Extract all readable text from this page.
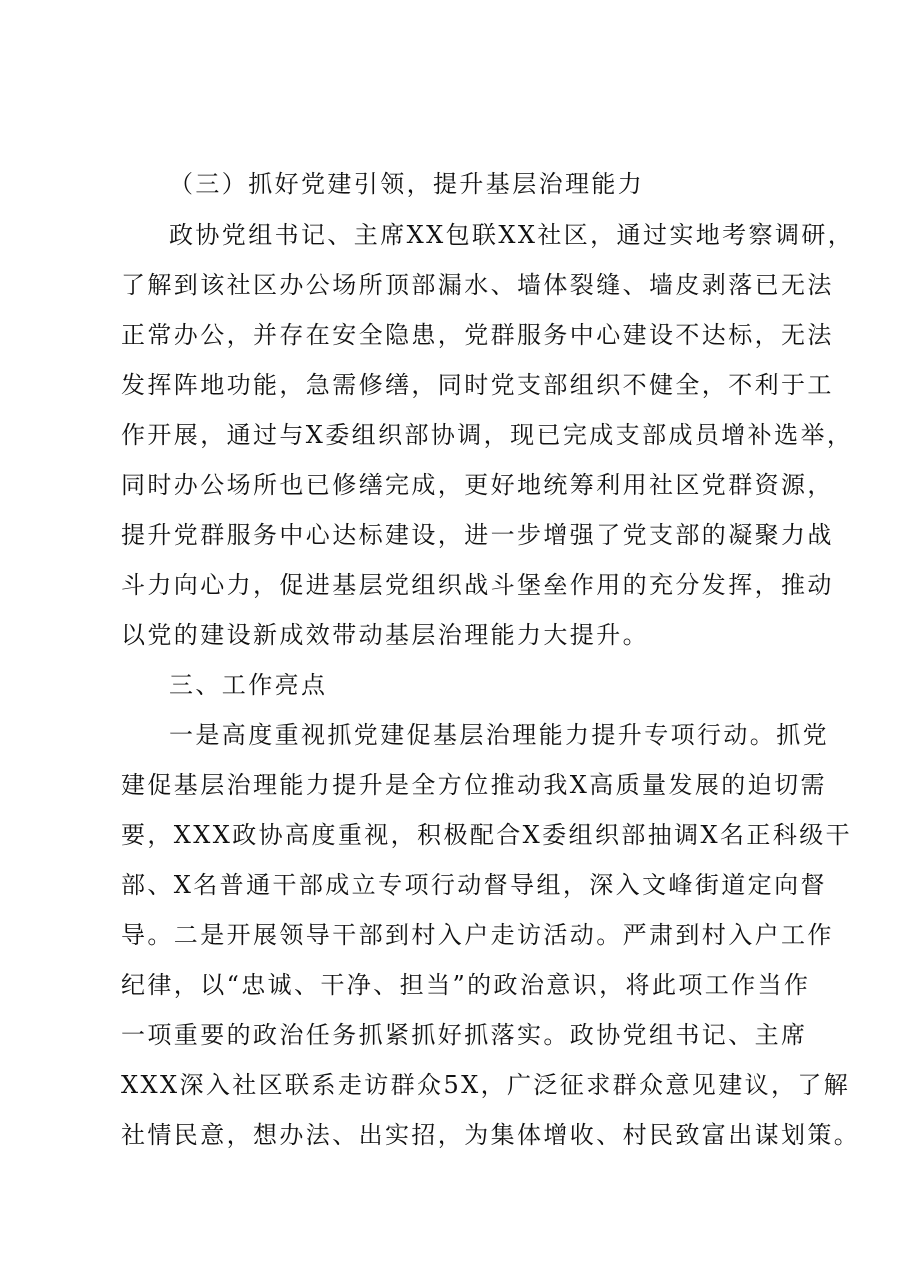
（三）抓好党建引领，提升基层治理能力
政协党组书记、主席XX包联XX社区，通过实地考察调研，
了解到该社区办公场所顶部漏水、墙体裂缝、墙皮剥落已无法
正常办公，并存在安全隐患，党群服务中心建设不达标，无法
发挥阵地功能，急需修缮，同时党支部组织不健全，不利于工
作开展，通过与X委组织部协调，现已完成支部成员增补选举，
同时办公场所也已修缮完成，更好地统筹利用社区党群资源，
提升党群服务中心达标建设，进一步增强了党支部的凝聚力战
斗力向心力，促进基层党组织战斗堡垒作用的充分发挥，推动
以党的建设新成效带动基层治理能力大提升。
三、工作亮点
一是高度重视抓党建促基层治理能力提升专项行动。抓党
建促基层治理能力提升是全方位推动我X高质量发展的迫切需
要，XXX政协高度重视，积极配合X委组织部抽调X名正科级干
部、X名普通干部成立专项行动督导组，深入文峰街道定向督
导。二是开展领导干部到村入户走访活动。严肃到村入户工作
纪律，以“忠诚、干净、担当”的政治意识，将此项工作当作
一项重要的政治任务抓紧抓好抓落实。政协党组书记、主席
XXX深入社区联系走访群众5X，广泛征求群众意见建议，了解
社情民意，想办法、出实招，为集体增收、村民致富出谋划策。
